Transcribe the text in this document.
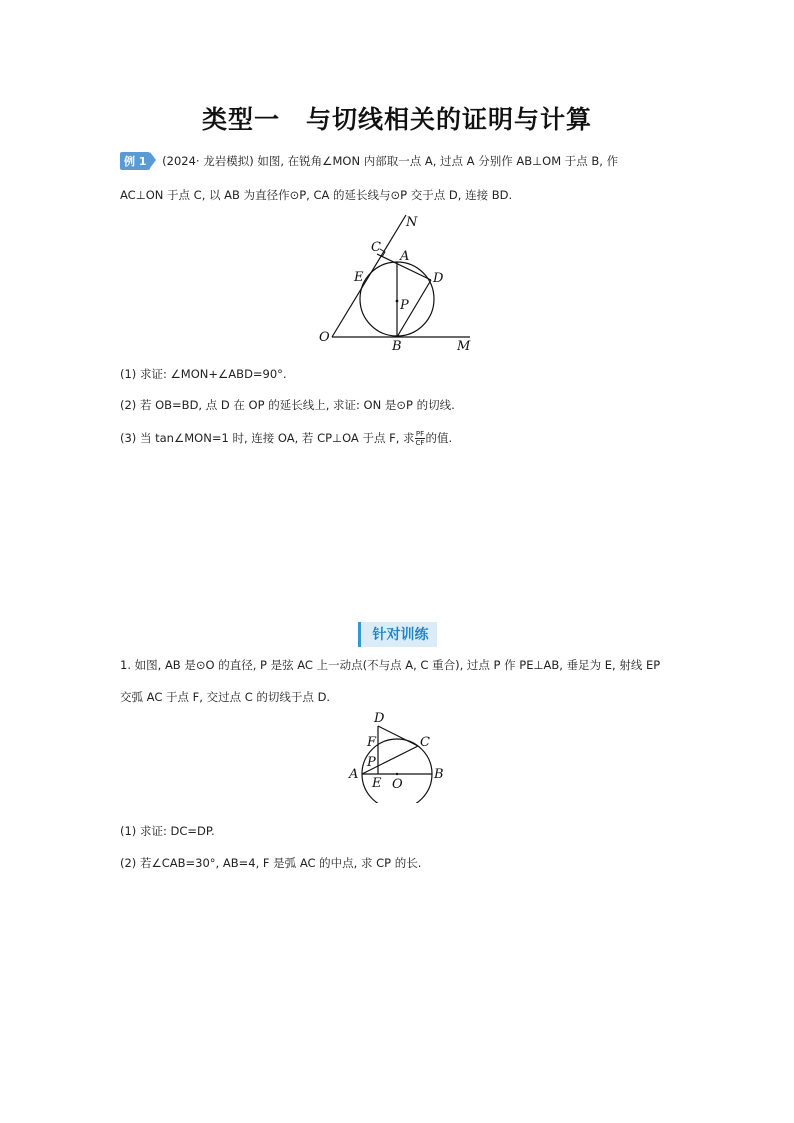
类型一　与切线相关的证明与计算
例 1 (2024· 龙岩模拟) 如图, 在锐角∠MON 内部取一点 A, 过点 A 分别作 AB⊥OM 于点 B, 作
AC⊥ON 于点 C, 以 AB 为直径作⊙P, CA 的延长线与⊙P 交于点 D, 连接 BD.
N
C
A
E	D
P
O
B	M
(1) 求证: ∠MON+∠ABD=90°.
(2) 若 OB=BD, 点 D 在 OP 的延长线上, 求证: ON 是⊙P 的切线.
(3) 当 tan∠MON=1 时, 连接 OA, 若 CP⊥OA 于点 F, 求 $\frac{PF}{CF}$ 的值.
针对训练
1. 如图, AB 是⊙O 的直径, P 是弦 AC 上一动点(不与点 A, C 重合), 过点 P 作 PE⊥AB, 垂足为 E, 射线 EP
交弧 AC 于点 F, 交过点 C 的切线于点 D.
D
F	C
P
A
E O
B
(1) 求证: DC=DP.
(2) 若∠CAB=30°, AB=4, F 是弧 AC 的中点, 求 CP 的长.
